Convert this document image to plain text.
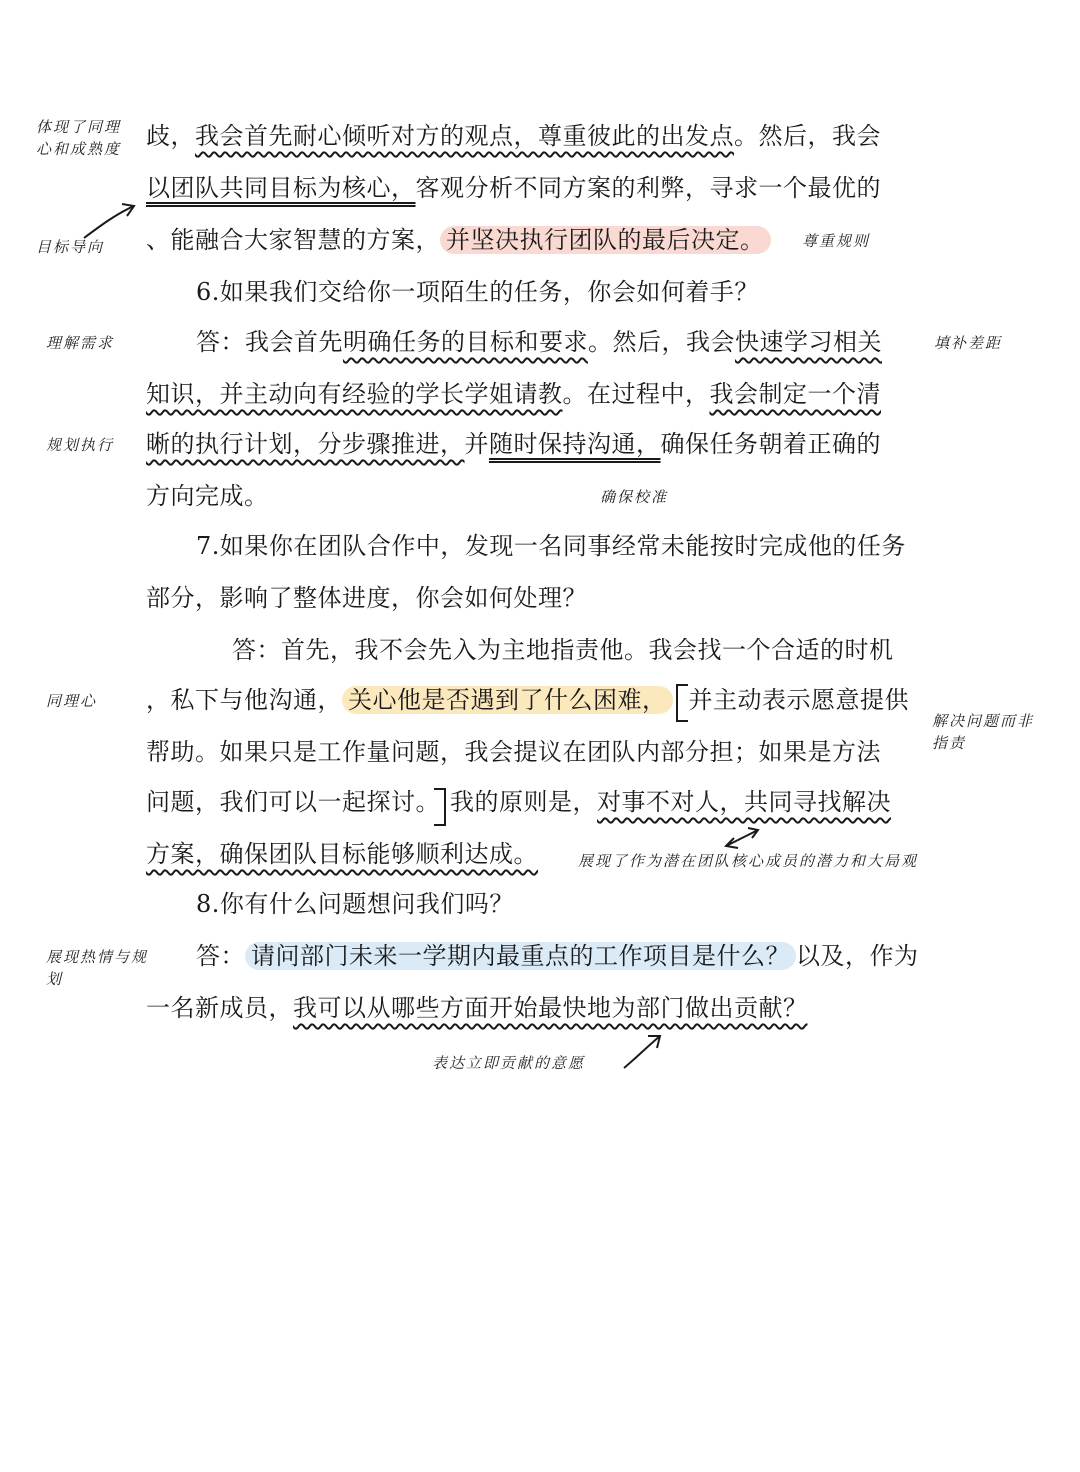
体现了同理
心和成熟度
目标导向	尊重规则
理解需求	填补差距
规划执行
确保校准
同理心
解决问题而非
指责
展现了作为潜在团队核心成员的潜力和大局观
展现热情与规
划
表达立即贡献的意愿
歧，我会首先耐心倾听对方的观点，尊重彼此的出发点。然后，我会
以团队共同目标为核心，客观分析不同方案的利弊，寻求一个最优的
、能融合大家智慧的方案， 并坚决执行团队的最后决定。
6.如果我们交给你一项陌生的任务，你会如何着手？
答：我会首先明确任务的目标和要求。然后，我会快速学习相关
知识，并主动向有经验的学长学姐请教。在过程中，我会制定一个清
晰的执行计划，分步骤推进，并随时保持沟通，确保任务朝着正确的
方向完成。
7.如果你在团队合作中，发现一名同事经常未能按时完成他的任务
部分，影响了整体进度，你会如何处理？
答：首先，我不会先入为主地指责他。我会找一个合适的时机
，私下与他沟通， 关心他是否遇到了什么困难， 并主动表示愿意提供
帮助。如果只是工作量问题，我会提议在团队内部分担；如果是方法
问题，我们可以一起探讨。 我的原则是，对事不对人，共同寻找解决
方案，确保团队目标能够顺利达成。
8.你有什么问题想问我们吗？
答： 请问部门未来一学期内最重点的工作项目是什么？ 以及，作为
一名新成员，我可以从哪些方面开始最快地为部门做出贡献？
